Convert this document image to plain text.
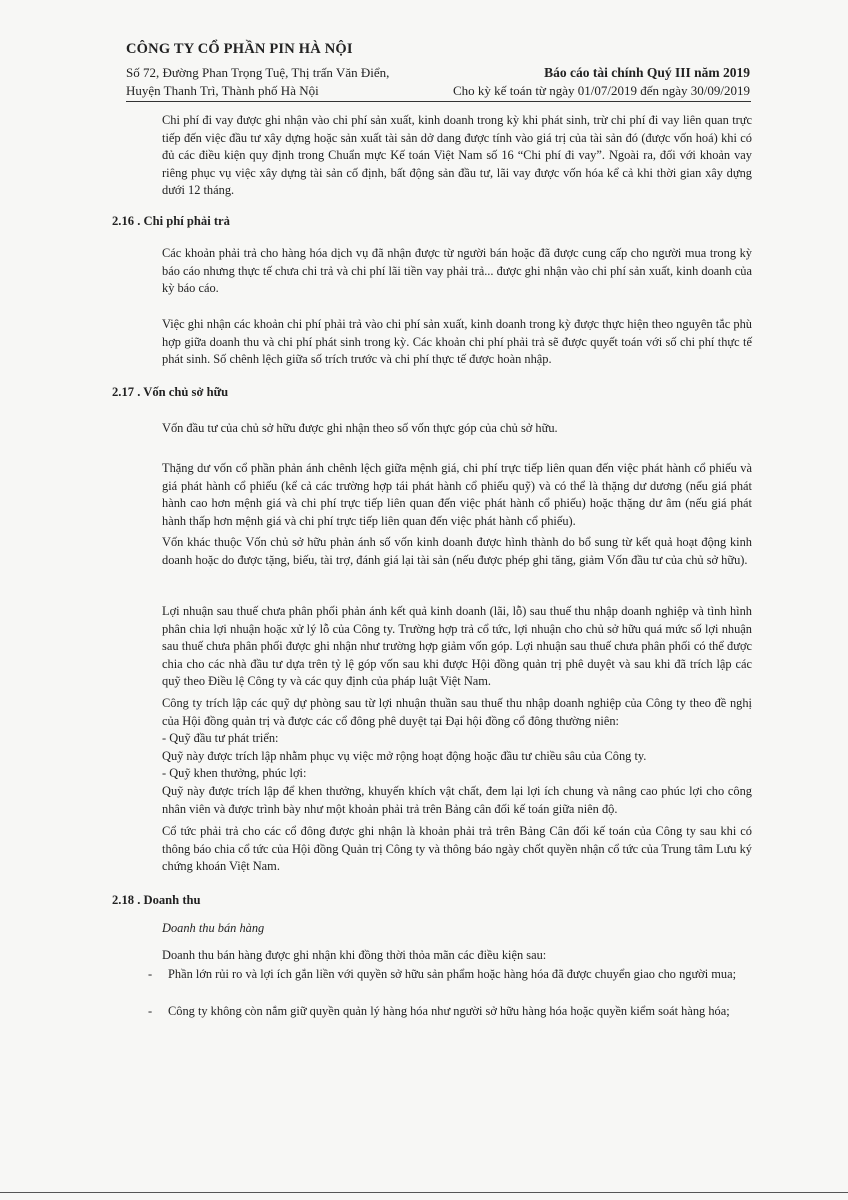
CÔNG TY CỔ PHẦN PIN HÀ NỘI
Số 72, Đường Phan Trọng Tuệ, Thị trấn Văn Điển,
Huyện Thanh Trì, Thành phố Hà Nội
Báo cáo tài chính Quý III năm 2019
Cho kỳ kế toán từ ngày 01/07/2019 đến ngày 30/09/2019

Chi phí đi vay được ghi nhận vào chi phí sản xuất, kinh doanh trong kỳ khi phát sinh, trừ chi phí đi vay liên quan trực tiếp đến việc đầu tư xây dựng hoặc sản xuất tài sản dở dang được tính vào giá trị của tài sản đó (được vốn hoá) khi có đủ các điều kiện quy định trong Chuẩn mực Kế toán Việt Nam số 16 “Chi phí đi vay”. Ngoài ra, đối với khoản vay riêng phục vụ việc xây dựng tài sản cố định, bất động sản đầu tư, lãi vay được vốn hóa kể cả khi thời gian xây dựng dưới 12 tháng.

2.16 . Chi phí phải trả

Các khoản phải trả cho hàng hóa dịch vụ đã nhận được từ người bán hoặc đã được cung cấp cho người mua trong kỳ báo cáo nhưng thực tế chưa chi trả và chi phí lãi tiền vay phải trả... được ghi nhận vào chi phí sản xuất, kinh doanh của kỳ báo cáo.

Việc ghi nhận các khoản chi phí phải trả vào chi phí sản xuất, kinh doanh trong kỳ được thực hiện theo nguyên tắc phù hợp giữa doanh thu và chi phí phát sinh trong kỳ. Các khoản chi phí phải trả sẽ được quyết toán với số chi phí thực tế phát sinh. Số chênh lệch giữa số trích trước và chi phí thực tế được hoàn nhập.

2.17 . Vốn chủ sở hữu

Vốn đầu tư của chủ sở hữu được ghi nhận theo số vốn thực góp của chủ sở hữu.

Thặng dư vốn cổ phần phản ánh chênh lệch giữa mệnh giá, chi phí trực tiếp liên quan đến việc phát hành cổ phiếu và giá phát hành cổ phiếu (kể cả các trường hợp tái phát hành cổ phiếu quỹ) và có thể là thặng dư dương (nếu giá phát hành cao hơn mệnh giá và chi phí trực tiếp liên quan đến việc phát hành cổ phiếu) hoặc thặng dư âm (nếu giá phát hành thấp hơn mệnh giá và chi phí trực tiếp liên quan đến việc phát hành cổ phiếu).

Vốn khác thuộc Vốn chủ sở hữu phản ánh số vốn kinh doanh được hình thành do bổ sung từ kết quả hoạt động kinh doanh hoặc do được tặng, biếu, tài trợ, đánh giá lại tài sản (nếu được phép ghi tăng, giảm Vốn đầu tư của chủ sở hữu).

Lợi nhuận sau thuế chưa phân phối phản ánh kết quả kinh doanh (lãi, lỗ) sau thuế thu nhập doanh nghiệp và tình hình phân chia lợi nhuận hoặc xử lý lỗ của Công ty. Trường hợp trả cổ tức, lợi nhuận cho chủ sở hữu quá mức số lợi nhuận sau thuế chưa phân phối được ghi nhận như trường hợp giảm vốn góp. Lợi nhuận sau thuế chưa phân phối có thể được chia cho các nhà đầu tư dựa trên tỷ lệ góp vốn sau khi được Hội đồng quản trị phê duyệt và sau khi đã trích lập các quỹ theo Điều lệ Công ty và các quy định của pháp luật Việt Nam.

Công ty trích lập các quỹ dự phòng sau từ lợi nhuận thuần sau thuế thu nhập doanh nghiệp của Công ty theo đề nghị của Hội đồng quản trị và được các cổ đông phê duyệt tại Đại hội đồng cổ đông thường niên:

- Quỹ đầu tư phát triển:

Quỹ này được trích lập nhằm phục vụ việc mở rộng hoạt động hoặc đầu tư chiều sâu của Công ty.

- Quỹ khen thưởng, phúc lợi:

Quỹ này được trích lập để khen thưởng, khuyến khích vật chất, đem lại lợi ích chung và nâng cao phúc lợi cho công nhân viên và được trình bày như một khoản phải trả trên Bảng cân đối kế toán giữa niên độ.

Cổ tức phải trả cho các cổ đông được ghi nhận là khoản phải trả trên Bảng Cân đối kế toán của Công ty sau khi có thông báo chia cổ tức của Hội đồng Quản trị Công ty và thông báo ngày chốt quyền nhận cổ tức của Trung tâm Lưu ký chứng khoán Việt Nam.

2.18 . Doanh thu

Doanh thu bán hàng

Doanh thu bán hàng được ghi nhận khi đồng thời thỏa mãn các điều kiện sau:

- Phần lớn rủi ro và lợi ích gắn liền với quyền sở hữu sản phẩm hoặc hàng hóa đã được chuyển giao cho người mua;
- Công ty không còn nắm giữ quyền quản lý hàng hóa như người sở hữu hàng hóa hoặc quyền kiểm soát hàng hóa;
